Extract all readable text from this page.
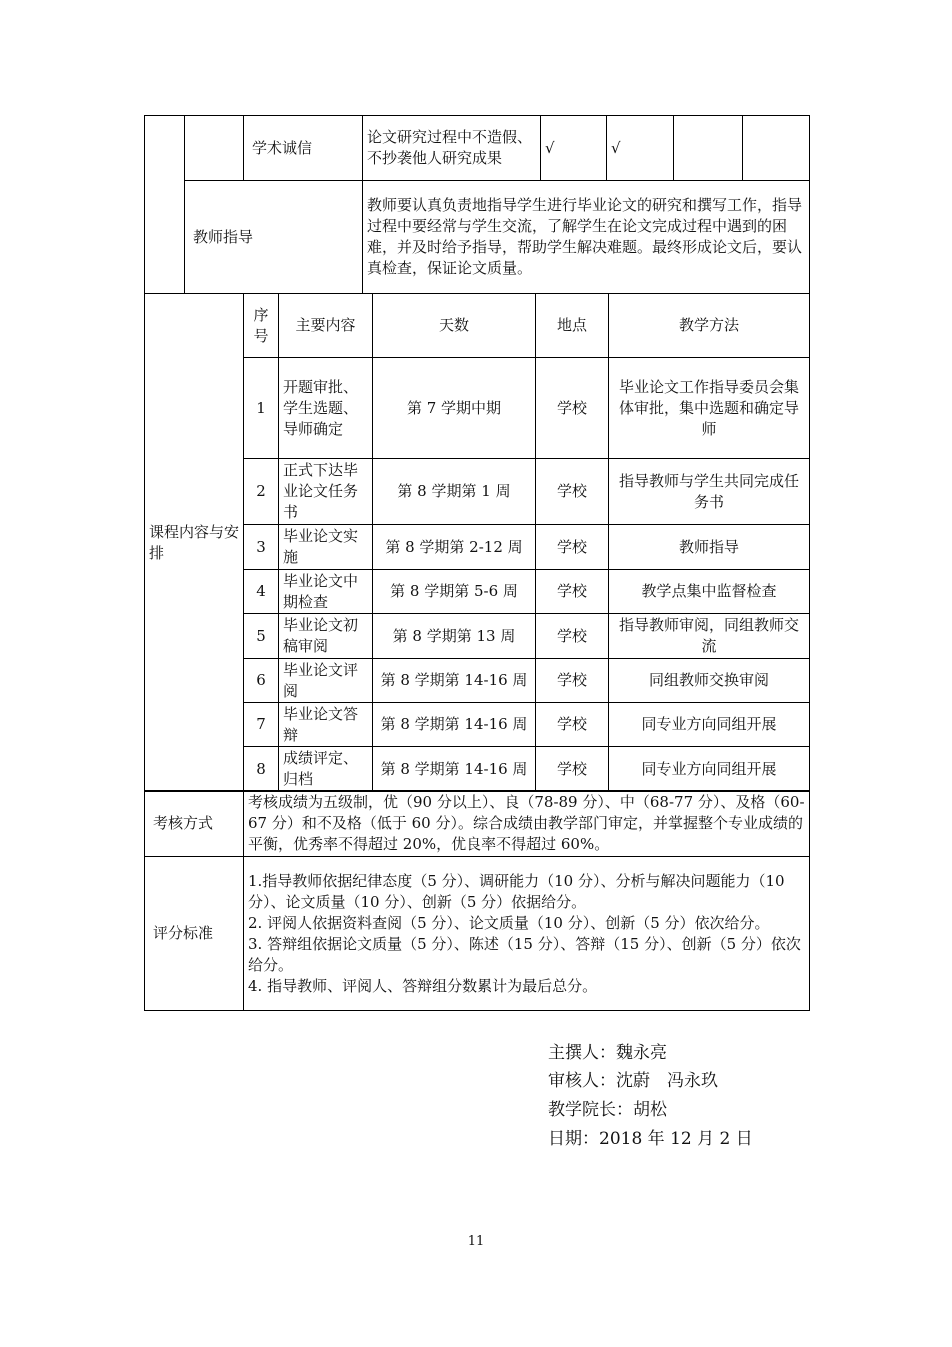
		学术诚信	论文研究过程中不造假、不抄袭他人研究成果	√	√		
	教师指导		教师要认真负责地指导学生进行毕业论文的研究和撰写工作，指导过程中要经常与学生交流，了解学生在论文完成过程中遇到的困难，并及时给予指导，帮助学生解决难题。最终形成论文后，要认真检查，保证论文质量。				
课程内容与安排	序号	主要内容	天数	地点	教学方法
	1	开题审批、学生选题、导师确定	第 7 学期中期	学校	毕业论文工作指导委员会集体审批，集中选题和确定导师
	2	正式下达毕业论文任务书	第 8 学期第 1 周	学校	指导教师与学生共同完成任务书
	3	毕业论文实施	第 8 学期第 2-12 周	学校	教师指导
	4	毕业论文中期检查	第 8 学期第 5-6 周	学校	教学点集中监督检查
	5	毕业论文初稿审阅	第 8 学期第 13 周	学校	指导教师审阅，同组教师交流
	6	毕业论文评阅	第 8 学期第 14-16 周	学校	同组教师交换审阅
	7	毕业论文答辩	第 8 学期第 14-16 周	学校	同专业方向同组开展
	8	成绩评定、归档	第 8 学期第 14-16 周	学校	同专业方向同组开展
考核方式	考核成绩为五级制，优（90 分以上）、良（78-89 分）、中（68-77 分）、及格（60-67 分）和不及格（低于 60 分）。综合成绩由教学部门审定，并掌握整个专业成绩的平衡，优秀率不得超过 20%，优良率不得超过 60%。
评分标准	1.指导教师依据纪律态度（5 分）、调研能力（10 分）、分析与解决问题能力（10 分）、论文质量（10 分）、创新（5 分）依据给分。
2. 评阅人依据资料查阅（5 分）、论文质量（10 分）、创新（5 分）依次给分。
3. 答辩组依据论文质量（5 分）、陈述（15 分）、答辩（15 分）、创新（5 分）依次给分。
4. 指导教师、评阅人、答辩组分数累计为最后总分。
主撰人：魏永亮
审核人：沈蔚　冯永玖
教学院长：胡松
日期：2018 年 12 月 2 日
11
